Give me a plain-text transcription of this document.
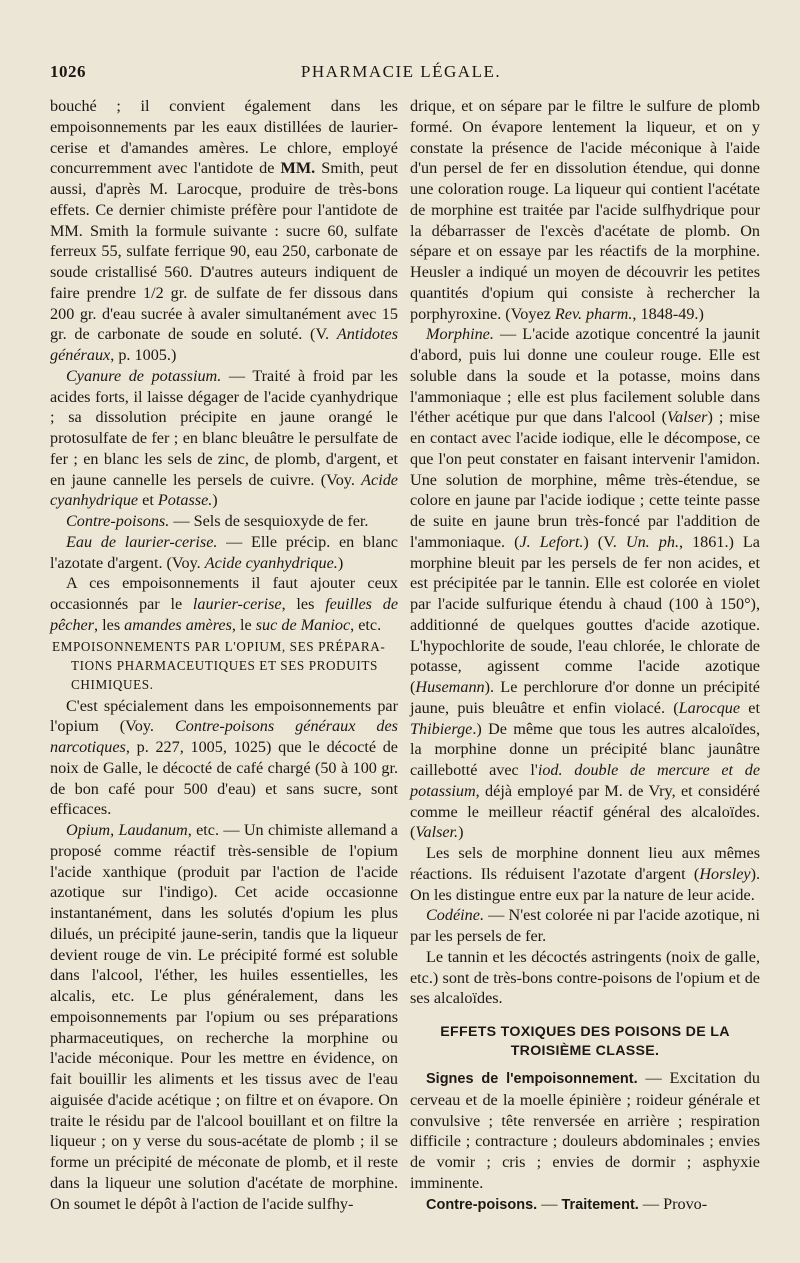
1026	PHARMACIE LÉGALE.

bouché ; il convient également dans les empoisonnements par les eaux distillées de laurier-cerise et d'amandes amères. Le chlore, employé concurremment avec l'antidote de MM. Smith, peut aussi, d'après M. Larocque, produire de très-bons effets. Ce dernier chimiste préfère pour l'antidote de MM. Smith la formule suivante : sucre 60, sulfate ferreux 55, sulfate ferrique 90, eau 250, carbonate de soude cristallisé 560. D'autres auteurs indiquent de faire prendre 1/2 gr. de sulfate de fer dissous dans 200 gr. d'eau sucrée à avaler simultanément avec 15 gr. de carbonate de soude en soluté. (V. Antidotes généraux, p. 1005.)

Cyanure de potassium. — Traité à froid par les acides forts, il laisse dégager de l'acide cyanhydrique ; sa dissolution précipite en jaune orangé le protosulfate de fer ; en blanc bleuâtre le persulfate de fer ; en blanc les sels de zinc, de plomb, d'argent, et en jaune cannelle les persels de cuivre. (Voy. Acide cyanhydrique et Potasse.)

Contre-poisons. — Sels de sesquioxyde de fer.

Eau de laurier-cerise. — Elle précip. en blanc l'azotate d'argent. (Voy. Acide cyanhydrique.)

A ces empoisonnements il faut ajouter ceux occasionnés par le laurier-cerise, les feuilles de pêcher, les amandes amères, le suc de Manioc, etc.

EMPOISONNEMENTS PAR L'OPIUM, SES PRÉPARA-
TIONS PHARMACEUTIQUES ET SES PRODUITS CHIMIQUES.

C'est spécialement dans les empoisonnements par l'opium (Voy. Contre-poisons généraux des narcotiques, p. 227, 1005, 1025) que le décocté de noix de Galle, le décocté de café chargé (50 à 100 gr. de bon café pour 500 d'eau) et sans sucre, sont efficaces.

Opium, Laudanum, etc. — Un chimiste allemand a proposé comme réactif très-sensible de l'opium l'acide xanthique (produit par l'action de l'acide azotique sur l'indigo). Cet acide occasionne instantanément, dans les solutés d'opium les plus dilués, un précipité jaune-serin, tandis que la liqueur devient rouge de vin. Le précipité formé est soluble dans l'alcool, l'éther, les huiles essentielles, les alcalis, etc. Le plus généralement, dans les empoisonnements par l'opium ou ses préparations pharmaceutiques, on recherche la morphine ou l'acide méconique. Pour les mettre en évidence, on fait bouillir les aliments et les tissus avec de l'eau aiguisée d'acide acétique ; on filtre et on évapore. On traite le résidu par de l'alcool bouillant et on filtre la liqueur ; on y verse du sous-acétate de plomb ; il se forme un précipité de méconate de plomb, et il reste dans la liqueur une solution d'acétate de morphine. On soumet le dépôt à l'action de l'acide sulfhy-

drique, et on sépare par le filtre le sulfure de plomb formé. On évapore lentement la liqueur, et on y constate la présence de l'acide méconique à l'aide d'un persel de fer en dissolution étendue, qui donne une coloration rouge. La liqueur qui contient l'acétate de morphine est traitée par l'acide sulfhydrique pour la débarrasser de l'excès d'acétate de plomb. On sépare et on essaye par les réactifs de la morphine. Heusler a indiqué un moyen de découvrir les petites quantités d'opium qui consiste à rechercher la porphyroxine. (Voyez Rev. pharm., 1848-49.)

Morphine. — L'acide azotique concentré la jaunit d'abord, puis lui donne une couleur rouge. Elle est soluble dans la soude et la potasse, moins dans l'ammoniaque ; elle est plus facilement soluble dans l'éther acétique pur que dans l'alcool (Valser) ; mise en contact avec l'acide iodique, elle le décompose, ce que l'on peut constater en faisant intervenir l'amidon. Une solution de morphine, même très-étendue, se colore en jaune par l'acide iodique ; cette teinte passe de suite en jaune brun très-foncé par l'addition de l'ammoniaque. (J. Lefort.) (V. Un. ph., 1861.) La morphine bleuit par les persels de fer non acides, et est précipitée par le tannin. Elle est colorée en violet par l'acide sulfurique étendu à chaud (100 à 150°), additionné de quelques gouttes d'acide azotique. L'hypochlorite de soude, l'eau chlorée, le chlorate de potasse, agissent comme l'acide azotique (Husemann). Le perchlorure d'or donne un précipité jaune, puis bleuâtre et enfin violacé. (Larocque et Thibierge.) De même que tous les autres alcaloïdes, la morphine donne un précipité blanc jaunâtre caillebotté avec l'iod. double de mercure et de potassium, déjà employé par M. de Vry, et considéré comme le meilleur réactif général des alcaloïdes. (Valser.)

Les sels de morphine donnent lieu aux mêmes réactions. Ils réduisent l'azotate d'argent (Horsley). On les distingue entre eux par la nature de leur acide.

Codéine. — N'est colorée ni par l'acide azotique, ni par les persels de fer.

Le tannin et les décoctés astringents (noix de galle, etc.) sont de très-bons contre-poisons de l'opium et de ses alcaloïdes.

EFFETS TOXIQUES DES POISONS DE LA
TROISIÈME CLASSE.

Signes de l'empoisonnement. — Excitation du cerveau et de la moelle épinière ; roideur générale et convulsive ; tête renversée en arrière ; respiration difficile ; contracture ; douleurs abdominales ; envies de vomir ; cris ; envies de dormir ; asphyxie imminente.

Contre-poisons. — Traitement. — Provo-
